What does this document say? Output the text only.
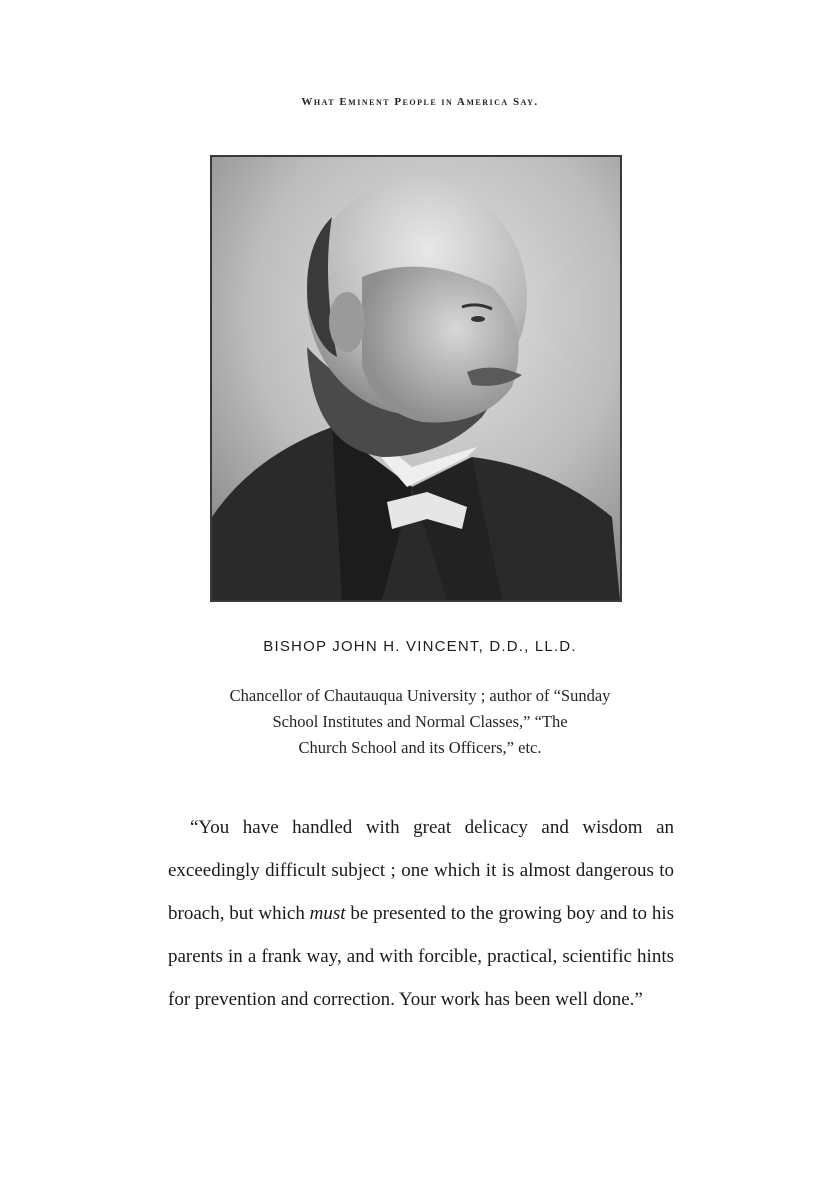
What Eminent People in America Say.
BISHOP JOHN H. VINCENT, D.D., LL.D.
Chancellor of Chautauqua University ; author of “Sunday
School Institutes and Normal Classes,” “The
Church School and its Officers,” etc.
“You have handled with great delicacy and wisdom an exceedingly difficult subject ; one which it is almost dangerous to broach, but which must be presented to the growing boy and to his parents in a frank way, and with forcible, practical, scientific hints for prevention and correction. Your work has been well done.”
